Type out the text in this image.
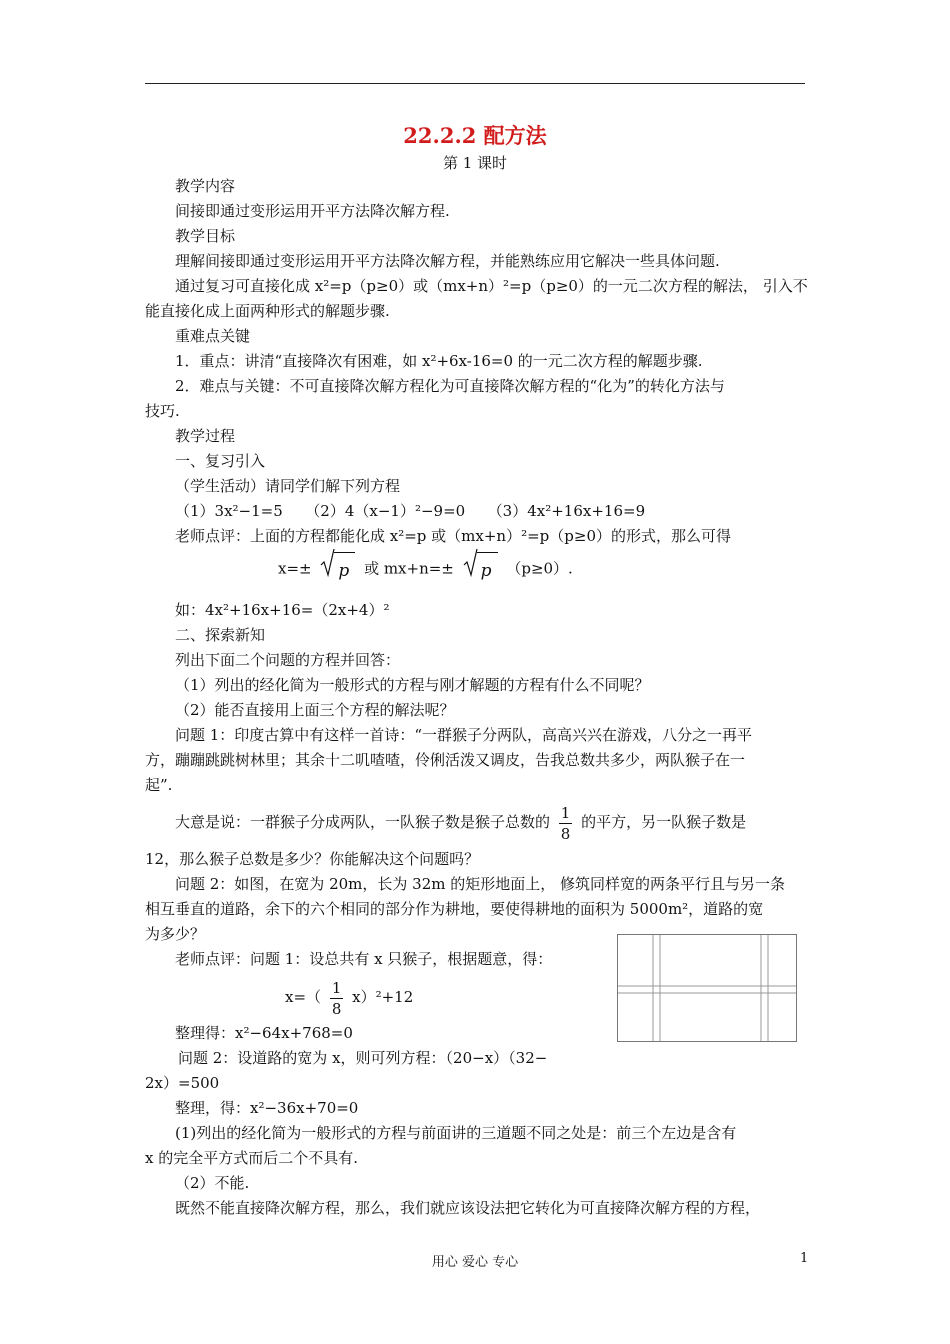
22.2.2 配方法
第 1 课时
教学内容
间接即通过变形运用开平方法降次解方程.
教学目标
理解间接即通过变形运用开平方法降次解方程，并能熟练应用它解决一些具体问题.
通过复习可直接化成 x²=p（p≥0）或（mx+n）²=p（p≥0）的一元二次方程的解法， 引入不
能直接化成上面两种形式的解题步骤.
重难点关键
1．重点：讲清“直接降次有困难，如 x²+6x-16=0 的一元二次方程的解题步骤.
2．难点与关键：不可直接降次解方程化为可直接降次解方程的“化为”的转化方法与
技巧.
教学过程
一、复习引入
（学生活动）请同学们解下列方程
（1）3x²−1=5　　（2）4（x−1）²−9=0　　（3）4x²+16x+16=9
老师点评：上面的方程都能化成 x²=p 或（mx+n）²=p（p≥0）的形式，那么可得
x=± p 或 mx+n=± p （p≥0）.
如：4x²+16x+16=（2x+4）²
二、探索新知
列出下面二个问题的方程并回答：
（1）列出的经化简为一般形式的方程与刚才解题的方程有什么不同呢？
（2）能否直接用上面三个方程的解法呢？
问题 1：印度古算中有这样一首诗：“一群猴子分两队，高高兴兴在游戏，八分之一再平
方，蹦蹦跳跳树林里；其余十二叽喳喳，伶俐活泼又调皮，告我总数共多少，两队猴子在一
起”.
大意是说：一群猴子分成两队，一队猴子数是猴子总数的 $\frac{1}{8}$ 的平方，另一队猴子数是
12，那么猴子总数是多少？你能解决这个问题吗？
问题 2：如图，在宽为 20m，长为 32m 的矩形地面上， 修筑同样宽的两条平行且与另一条
相互垂直的道路，余下的六个相同的部分作为耕地，要使得耕地的面积为 5000m²，道路的宽
为多少？
老师点评：问题 1：设总共有 x 只猴子，根据题意，得：
$x=( \frac{1}{8} x)^2+12$
整理得：x²−64x+768=0
问题 2：设道路的宽为 x，则可列方程：（20−x）（32−
2x）=500
整理，得：x²−36x+70=0
(1)列出的经化简为一般形式的方程与前面讲的三道题不同之处是：前三个左边是含有
x 的完全平方式而后二个不具有.
（2）不能.
既然不能直接降次解方程，那么，我们就应该设法把它转化为可直接降次解方程的方程，
用心 爱心 专心	1
